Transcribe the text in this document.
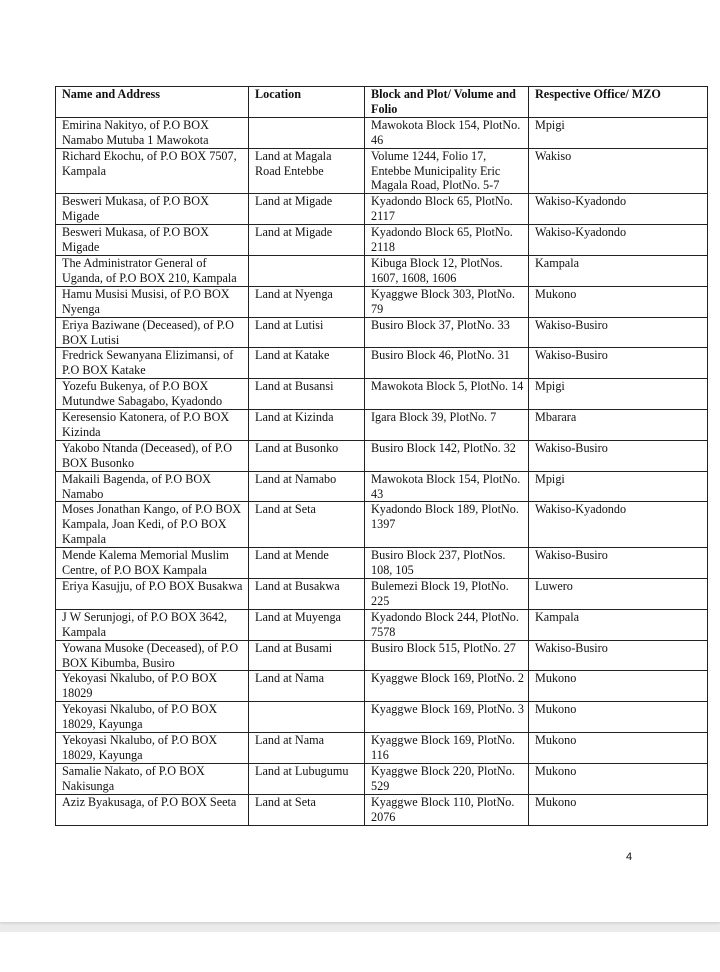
Name and Address	Location	Block and Plot/ Volume and Folio	Respective Office/ MZO
Emirina Nakityo, of P.O BOX Namabo Mutuba 1 Mawokota		Mawokota Block 154, PlotNo. 46	Mpigi
Richard Ekochu, of P.O BOX 7507, Kampala	Land at Magala Road Entebbe	Volume 1244, Folio 17, Entebbe Municipality Eric Magala Road, PlotNo. 5-7	Wakiso
Besweri Mukasa, of P.O BOX Migade	Land at Migade	Kyadondo Block 65, PlotNo. 2117	Wakiso-Kyadondo
Besweri Mukasa, of P.O BOX Migade	Land at Migade	Kyadondo Block 65, PlotNo. 2118	Wakiso-Kyadondo
The Administrator General of Uganda, of P.O BOX 210, Kampala		Kibuga Block 12, PlotNos. 1607, 1608, 1606	Kampala
Hamu Musisi Musisi, of P.O BOX Nyenga	Land at Nyenga	Kyaggwe Block 303, PlotNo. 79	Mukono
Eriya Baziwane (Deceased), of P.O BOX Lutisi	Land at Lutisi	Busiro Block 37, PlotNo. 33	Wakiso-Busiro
Fredrick Sewanyana Elizimansi, of P.O BOX Katake	Land at Katake	Busiro Block 46, PlotNo. 31	Wakiso-Busiro
Yozefu Bukenya, of P.O BOX Mutundwe Sabagabo, Kyadondo	Land at Busansi	Mawokota Block 5, PlotNo. 14	Mpigi
Keresensio Katonera, of P.O BOX Kizinda	Land at Kizinda	Igara Block 39, PlotNo. 7	Mbarara
Yakobo Ntanda (Deceased), of P.O BOX Busonko	Land at Busonko	Busiro Block 142, PlotNo. 32	Wakiso-Busiro
Makaili Bagenda, of P.O BOX Namabo	Land at Namabo	Mawokota Block 154, PlotNo. 43	Mpigi
Moses Jonathan Kango, of P.O BOX Kampala, Joan Kedi, of P.O BOX Kampala	Land at Seta	Kyadondo Block 189, PlotNo. 1397	Wakiso-Kyadondo
Mende Kalema Memorial Muslim Centre, of P.O BOX Kampala	Land at Mende	Busiro Block 237, PlotNos. 108, 105	Wakiso-Busiro
Eriya Kasujju, of P.O BOX Busakwa	Land at Busakwa	Bulemezi Block 19, PlotNo. 225	Luwero
J W Serunjogi, of P.O BOX 3642, Kampala	Land at Muyenga	Kyadondo Block 244, PlotNo. 7578	Kampala
Yowana Musoke (Deceased), of P.O BOX Kibumba, Busiro	Land at Busami	Busiro Block 515, PlotNo. 27	Wakiso-Busiro
Yekoyasi Nkalubo, of P.O BOX 18029	Land at Nama	Kyaggwe Block 169, PlotNo. 2	Mukono
Yekoyasi Nkalubo, of P.O BOX 18029, Kayunga		Kyaggwe Block 169, PlotNo. 3	Mukono
Yekoyasi Nkalubo, of P.O BOX 18029, Kayunga	Land at Nama	Kyaggwe Block 169, PlotNo. 116	Mukono
Samalie Nakato, of P.O BOX Nakisunga	Land at Lubugumu	Kyaggwe Block 220, PlotNo. 529	Mukono
Aziz Byakusaga, of P.O BOX Seeta	Land at Seta	Kyaggwe Block 110, PlotNo. 2076	Mukono
4
